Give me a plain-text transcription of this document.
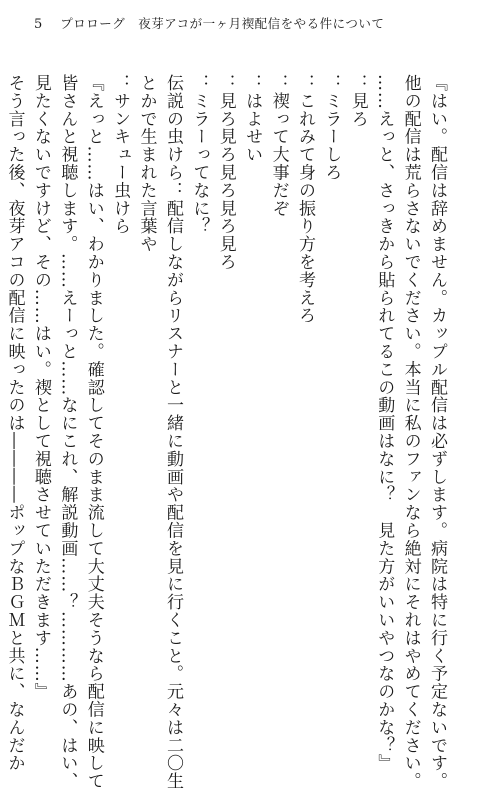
5 プロローグ　夜芽アコが一ヶ月禊配信をやる件について
『はい。配信は辞めません。カップル配信は必ずします。病院は特に行く予定ないです。
他の配信は荒らさないでください。本当に私のファンなら絶対にそれはやめてください。
……えっと、さっきから貼られてるこの動画はなに？　見た方がいいやつなのかな？』
：見ろ
：ミラーしろ
：これみて身の振り方を考えろ
：禊って大事だぞ
：はよせい
：見ろ見ろ見ろ見ろ見ろ
：ミラーってなに？
伝説の虫けら：配信しながらリスナーと一緒に動画や配信を見に行くこと。元々は二〇生
とかで生まれた言葉や
：サンキュー虫けら
『えっと……はい、わかりました。確認してそのまま流して大丈夫そうなら配信に映して
皆さんと視聴します。……えーっと……なにこれ、解説動画……？…………あの、はい、
見たくないですけど、その……はい。禊として視聴させていただきます……』
そう言った後、夜芽アコの配信に映ったのは――――ポップなＢＧＭと共に、なんだか
